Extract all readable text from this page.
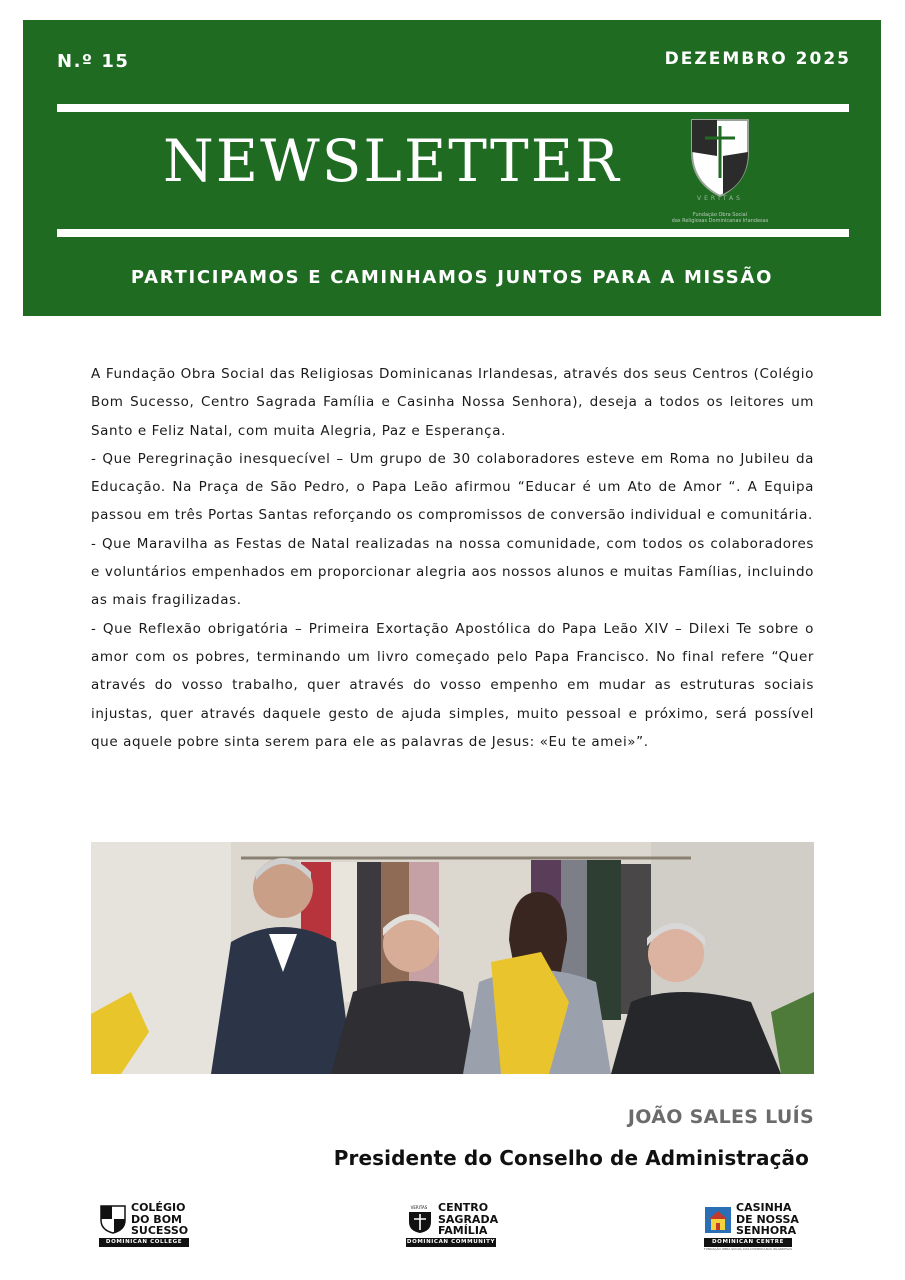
N.º 15	DEZEMBRO 2025
NEWSLETTER
VERITAS
Fundação Obra Social
das Religiosas Dominicanas Irlandesas
PARTICIPAMOS E CAMINHAMOS JUNTOS PARA A MISSÃO

A Fundação Obra Social das Religiosas Dominicanas Irlandesas, através dos seus Centros (Colégio Bom Sucesso, Centro Sagrada Família e Casinha Nossa Senhora), deseja a todos os leitores um Santo e Feliz Natal, com muita Alegria, Paz e Esperança.

- Que Peregrinação inesquecível – Um grupo de 30 colaboradores esteve em Roma no Jubileu da Educação. Na Praça de São Pedro, o Papa Leão afirmou “Educar é um Ato de Amor “. A Equipa passou em três Portas Santas reforçando os compromissos de conversão individual e comunitária.

- Que Maravilha as Festas de Natal realizadas na nossa comunidade, com todos os colaboradores e voluntários empenhados em proporcionar alegria aos nossos alunos e muitas Famílias, incluindo as mais fragilizadas.

- Que Reflexão obrigatória – Primeira Exortação Apostólica do Papa Leão XIV – Dilexi Te sobre o amor com os pobres, terminando um livro começado pelo Papa Francisco. No final refere “Quer através do vosso trabalho, quer através do vosso empenho em mudar as estruturas sociais injustas, quer através daquele gesto de ajuda simples, muito pessoal e próximo, será possível que aquele pobre sinta serem para ele as palavras de Jesus: «Eu te amei»”.

JOÃO SALES LUÍS
Presidente do Conselho de Administração
COLÉGIO
DO BOM
SUCESSO
DOMINICAN COLLEGE
VERITAS CENTRO
SAGRADA
FAMÍLIA
DOMINICAN COMMUNITY
CASINHA
DE NOSSA
SENHORA
DOMINICAN CENTRE
FUNDAÇÃO OBRA SOCIAL DAS DOMINICANAS IRLANDESAS
